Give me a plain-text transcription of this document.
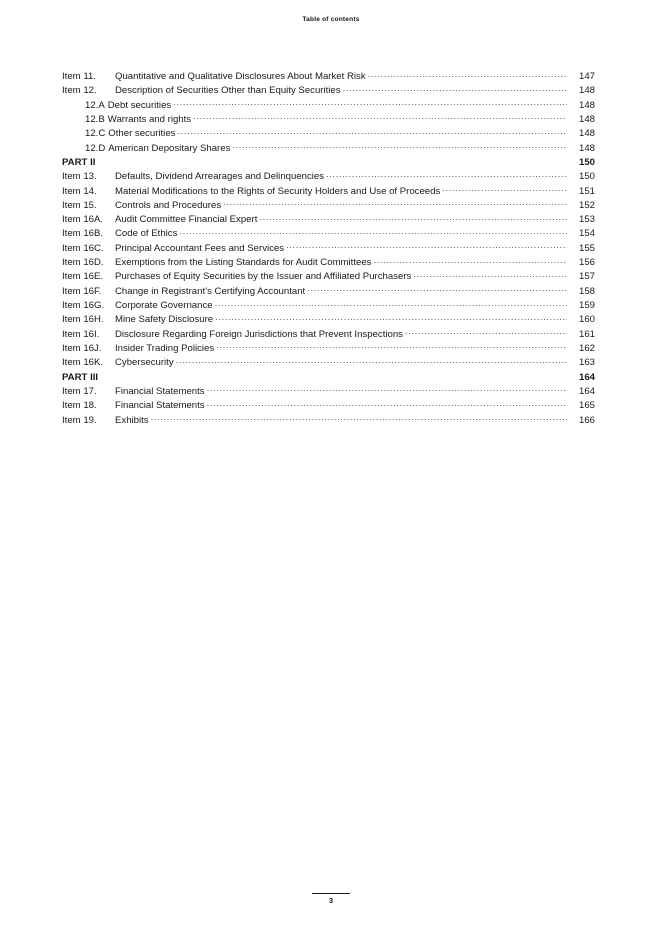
Table of contents
Item 11.	Quantitative and Qualitative Disclosures About Market Risk .....	147
Item 12.	Description of Securities Other than Equity Securities .....	148
12.A Debt securities .....	148
12.B Warrants and rights .....	148
12.C Other securities .....	148
12.D American Depositary Shares .....	148
PART II	150
Item 13.	Defaults, Dividend Arrearages and Delinquencies .....	150
Item 14.	Material Modifications to the Rights of Security Holders and Use of Proceeds .....	151
Item 15.	Controls and Procedures .....	152
Item 16A.	Audit Committee Financial Expert .....	153
Item 16B.	Code of Ethics .....	154
Item 16C.	Principal Accountant Fees and Services .....	155
Item 16D.	Exemptions from the Listing Standards for Audit Committees .....	156
Item 16E.	Purchases of Equity Securities by the Issuer and Affiliated Purchasers .....	157
Item 16F.	Change in Registrant’s Certifying Accountant .....	158
Item 16G.	Corporate Governance .....	159
Item 16H.	Mine Safety Disclosure .....	160
Item 16I.	Disclosure Regarding Foreign Jurisdictions that Prevent Inspections .....	161
Item 16J.	Insider Trading Policies .....	162
Item 16K.	Cybersecurity .....	163
PART III	164
Item 17.	Financial Statements .....	164
Item 18.	Financial Statements .....	165
Item 19.	Exhibits .....	166
3
